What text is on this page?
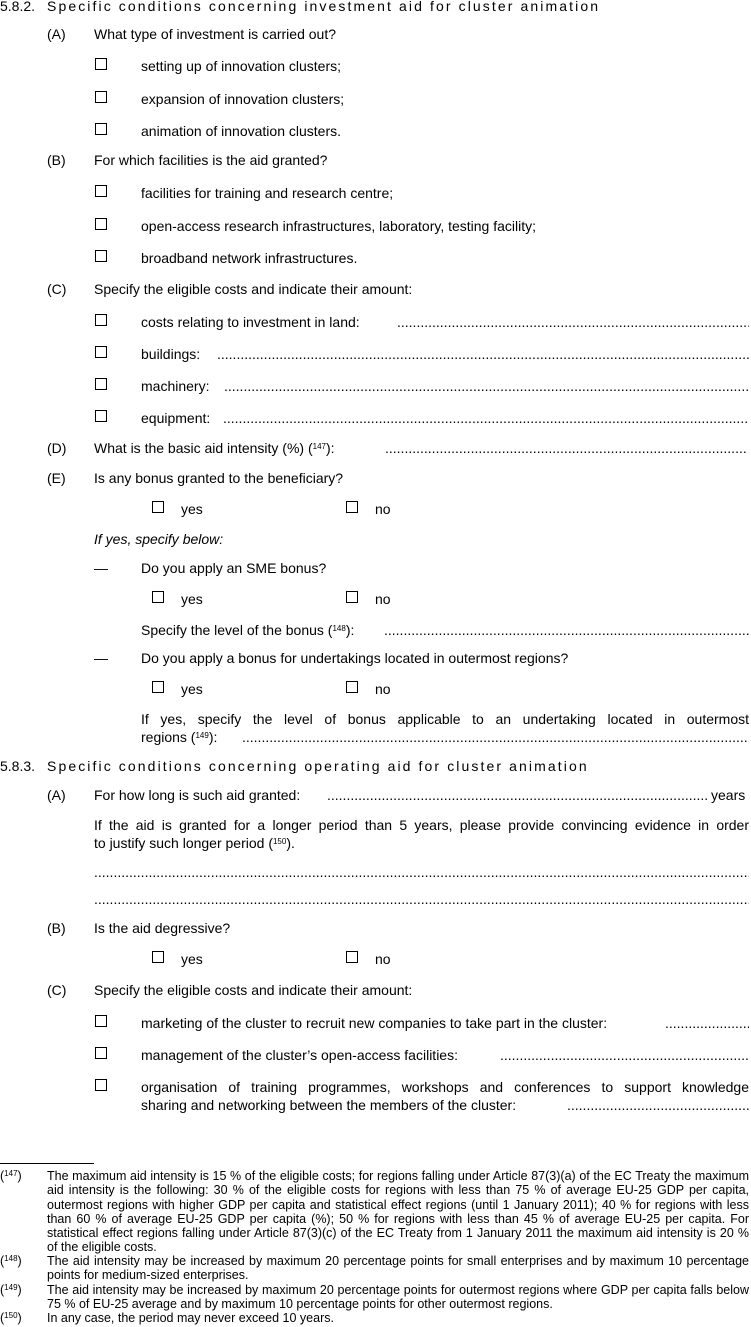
5.8.2. Specific conditions concerning investment aid for cluster animation
(A) What type of investment is carried out?
setting up of innovation clusters;
expansion of innovation clusters;
animation of innovation clusters.
(B) For which facilities is the aid granted?
facilities for training and research centre;
open-access research infrastructures, laboratory, testing facility;
broadband network infrastructures.
(C) Specify the eligible costs and indicate their amount:
costs relating to investment in land:
.....
buildings:
.....
machinery:
.....
equipment:
.....
(D) What is the basic aid intensity (%) ($^{147}$):
.....
(E) Is any bonus granted to the beneficiary?
yes	no
If yes, specify below:
— Do you apply an SME bonus?
yes	no
Specify the level of the bonus ($^{148}$):
.....
— Do you apply a bonus for undertakings located in outermost regions?
yes	no
If yes, specify the level of bonus applicable to an undertaking located in outermost
regions ($^{149}$):
.....
5.8.3. Specific conditions concerning operating aid for cluster animation
(A) For how long is such aid granted:
.....	years
If the aid is granted for a longer period than 5 years, please provide convincing evidence in order
to justify such longer period ($^{150}$).
.....
.....
(B) Is the aid degressive?
yes	no
(C) Specify the eligible costs and indicate their amount:
marketing of the cluster to recruit new companies to take part in the cluster:
.....
management of the cluster’s open-access facilities:
.....
organisation of training programmes, workshops and conferences to support knowledge
sharing and networking between the members of the cluster:
.....
($^{147}$) The maximum aid intensity is 15 % of the eligible costs; for regions falling under Article 87(3)(a) of the EC Treaty the maximum aid intensity is the following: 30 % of the eligible costs for regions with less than 75 % of average EU-25 GDP per capita, outermost regions with higher GDP per capita and statistical effect regions (until 1 January 2011); 40 % for regions with less than 60 % of average EU-25 GDP per capita (%); 50 % for regions with less than 45 % of average EU-25 per capita. For statistical effect regions falling under Article 87(3)(c) of the EC Treaty from 1 January 2011 the maximum aid intensity is 20 % of the eligible costs.
($^{148}$) The aid intensity may be increased by maximum 20 percentage points for small enterprises and by maximum 10 percentage points for medium-sized enterprises.
($^{149}$) The aid intensity may be increased by maximum 20 percentage points for outermost regions where GDP per capita falls below 75 % of EU-25 average and by maximum 10 percentage points for other outermost regions.
($^{150}$) In any case, the period may never exceed 10 years.
